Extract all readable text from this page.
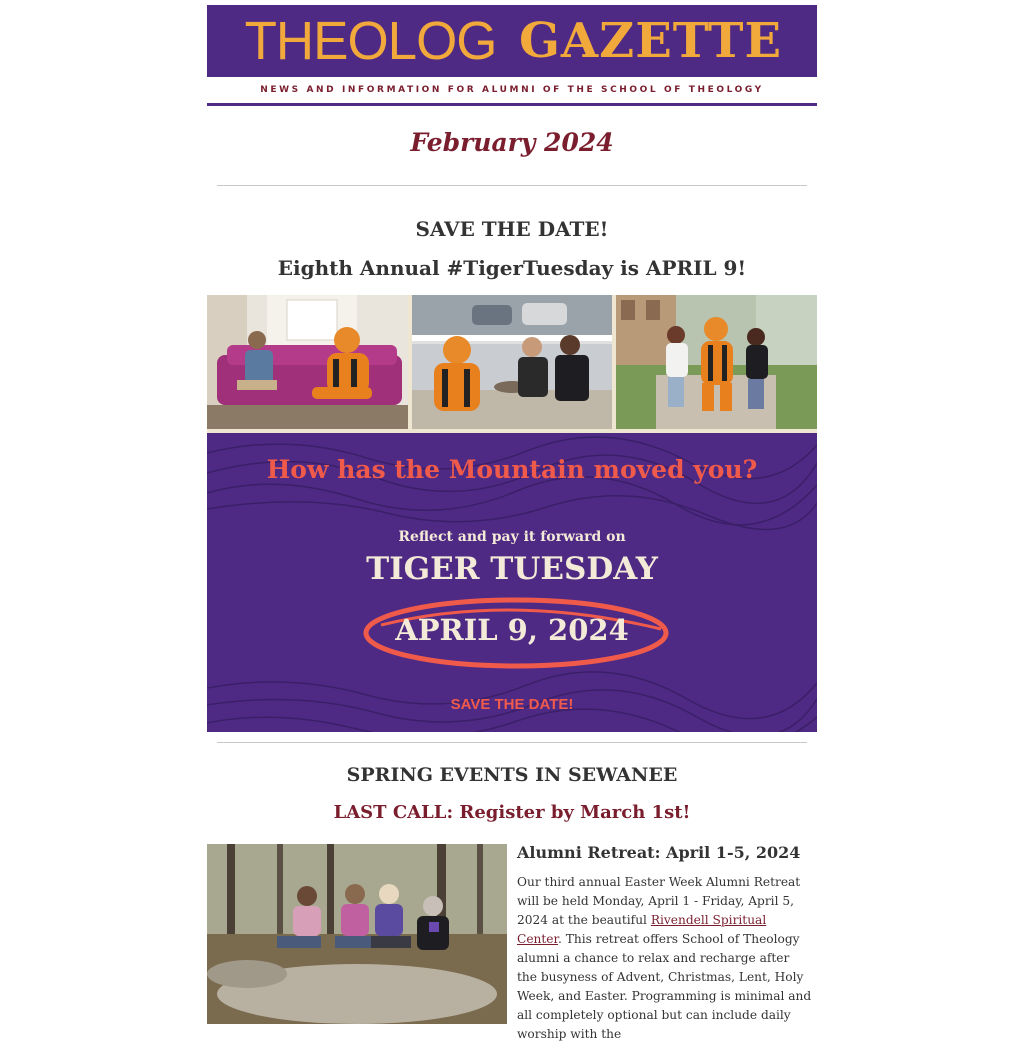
THEOLOG GAZETTE
NEWS AND INFORMATION FOR ALUMNI OF THE SCHOOL OF THEOLOGY
February 2024
SAVE THE DATE!
Eighth Annual #TigerTuesday is APRIL 9!
How has the Mountain moved you?
Reflect and pay it forward on
TIGER TUESDAY
APRIL 9, 2024
SAVE THE DATE!
SPRING EVENTS IN SEWANEE
LAST CALL: Register by March 1st!
Alumni Retreat: April 1-5, 2024
Our third annual Easter Week Alumni Retreat will be held Monday, April 1 - Friday, April 5, 2024 at the beautiful Rivendell Spiritual Center. This retreat offers School of Theology alumni a chance to relax and recharge after the busyness of Advent, Christmas, Lent, Holy Week, and Easter. Programming is minimal and all completely optional but can include daily worship with the
